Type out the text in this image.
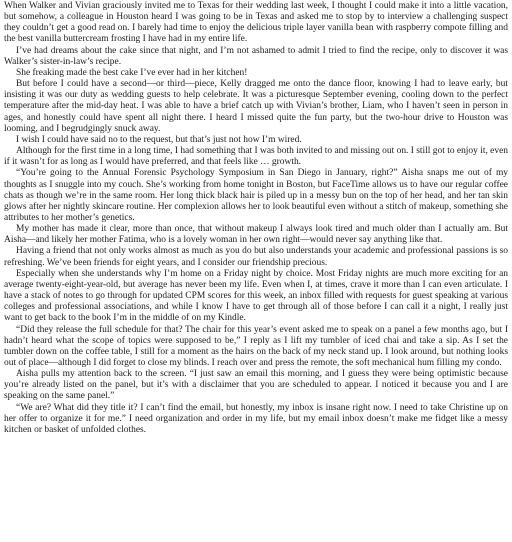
When Walker and Vivian graciously invited me to Texas for their wedding last week, I thought I could make it into a little vacation, but somehow, a colleague in Houston heard I was going to be in Texas and asked me to stop by to interview a challenging suspect they couldn’t get a good read on. I barely had time to enjoy the delicious triple layer vanilla bean with raspberry compote filling and the best vanilla buttercream frosting I have had in my entire life.

I’ve had dreams about the cake since that night, and I’m not ashamed to admit I tried to find the recipe, only to discover it was Walker’s sister-in-law’s recipe.

She freaking made the best cake I’ve ever had in her kitchen!

But before I could have a second—or third—piece, Kelly dragged me onto the dance floor, knowing I had to leave early, but insisting it was our duty as wedding guests to help celebrate. It was a picturesque September evening, cooling down to the perfect temperature after the mid-day heat. I was able to have a brief catch up with Vivian’s brother, Liam, who I haven’t seen in person in ages, and honestly could have spent all night there. I heard I missed quite the fun party, but the two-hour drive to Houston was looming, and I begrudgingly snuck away.

I wish I could have said no to the request, but that’s just not how I’m wired.

Although for the first time in a long time, I had something that I was both invited to and missing out on. I still got to enjoy it, even if it wasn’t for as long as I would have preferred, and that feels like … growth.

“You’re going to the Annual Forensic Psychology Symposium in San Diego in January, right?” Aisha snaps me out of my thoughts as I snuggle into my couch. She’s working from home tonight in Boston, but FaceTime allows us to have our regular coffee chats as though we’re in the same room. Her long thick black hair is piled up in a messy bun on the top of her head, and her tan skin glows after her nightly skincare routine. Her complexion allows her to look beautiful even without a stitch of makeup, something she attributes to her mother’s genetics.

My mother has made it clear, more than once, that without makeup I always look tired and much older than I actually am. But Aisha—and likely her mother Fatima, who is a lovely woman in her own right—would never say anything like that.

Having a friend that not only works almost as much as you do but also understands your academic and professional passions is so refreshing. We’ve been friends for eight years, and I consider our friendship precious.

Especially when she understands why I’m home on a Friday night by choice. Most Friday nights are much more exciting for an average twenty-eight-year-old, but average has never been my life. Even when I, at times, crave it more than I can even articulate. I have a stack of notes to go through for updated CPM scores for this week, an inbox filled with requests for guest speaking at various colleges and professional associations, and while I know I have to get through all of those before I can call it a night, I really just want to get back to the book I’m in the middle of on my Kindle.

“Did they release the full schedule for that? The chair for this year’s event asked me to speak on a panel a few months ago, but I hadn’t heard what the scope of topics were supposed to be,” I reply as I lift my tumbler of iced chai and take a sip. As I set the tumbler down on the coffee table, I still for a moment as the hairs on the back of my neck stand up. I look around, but nothing looks out of place—although I did forget to close my blinds. I reach over and press the remote, the soft mechanical hum filling my condo.

Aisha pulls my attention back to the screen. “I just saw an email this morning, and I guess they were being optimistic because you’re already listed on the panel, but it’s with a disclaimer that you are scheduled to appear. I noticed it because you and I are speaking on the same panel.”

“We are? What did they title it? I can’t find the email, but honestly, my inbox is insane right now. I need to take Christine up on her offer to organize it for me.” I need organization and order in my life, but my email inbox doesn’t make me fidget like a messy kitchen or basket of unfolded clothes.
